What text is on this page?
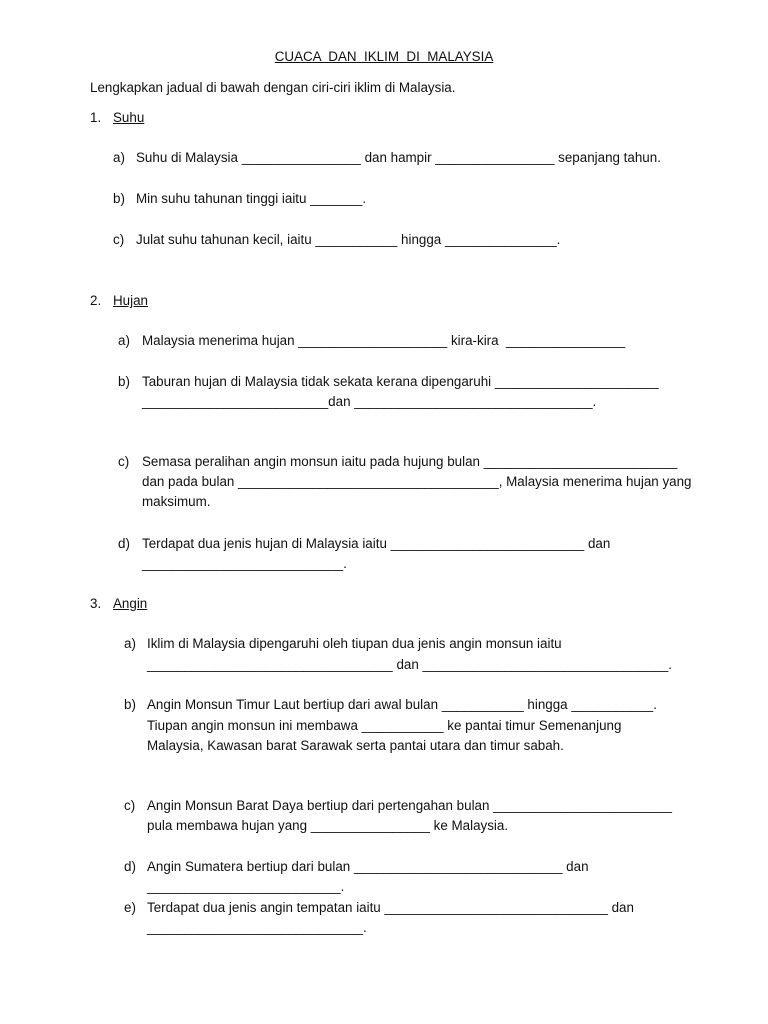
CUACA  DAN  IKLIM  DI  MALAYSIA
Lengkapkan jadual di bawah dengan ciri-ciri iklim di Malaysia.
1. Suhu
a) Suhu di Malaysia ________________ dan hampir ________________ sepanjang tahun.
b) Min suhu tahunan tinggi iaitu _______.
c) Julat suhu tahunan kecil, iaitu ___________ hingga _______________.
2. Hujan
a) Malaysia menerima hujan ____________________ kira-kira  ________________
b) Taburan hujan di Malaysia tidak sekata kerana dipengaruhi ______________________
_________________________dan ________________________________.
c) Semasa peralihan angin monsun iaitu pada hujung bulan __________________________
dan pada bulan ___________________________________, Malaysia menerima hujan yang
maksimum.
d) Terdapat dua jenis hujan di Malaysia iaitu __________________________ dan
___________________________.
3. Angin
a) Iklim di Malaysia dipengaruhi oleh tiupan dua jenis angin monsun iaitu
_________________________________ dan _________________________________.
b) Angin Monsun Timur Laut bertiup dari awal bulan ___________ hingga ___________.
Tiupan angin monsun ini membawa ___________ ke pantai timur Semenanjung
Malaysia, Kawasan barat Sarawak serta pantai utara dan timur sabah.
c) Angin Monsun Barat Daya bertiup dari pertengahan bulan ________________________
pula membawa hujan yang ________________ ke Malaysia.
d) Angin Sumatera bertiup dari bulan ____________________________ dan
__________________________.
e) Terdapat dua jenis angin tempatan iaitu ______________________________ dan
_____________________________.
